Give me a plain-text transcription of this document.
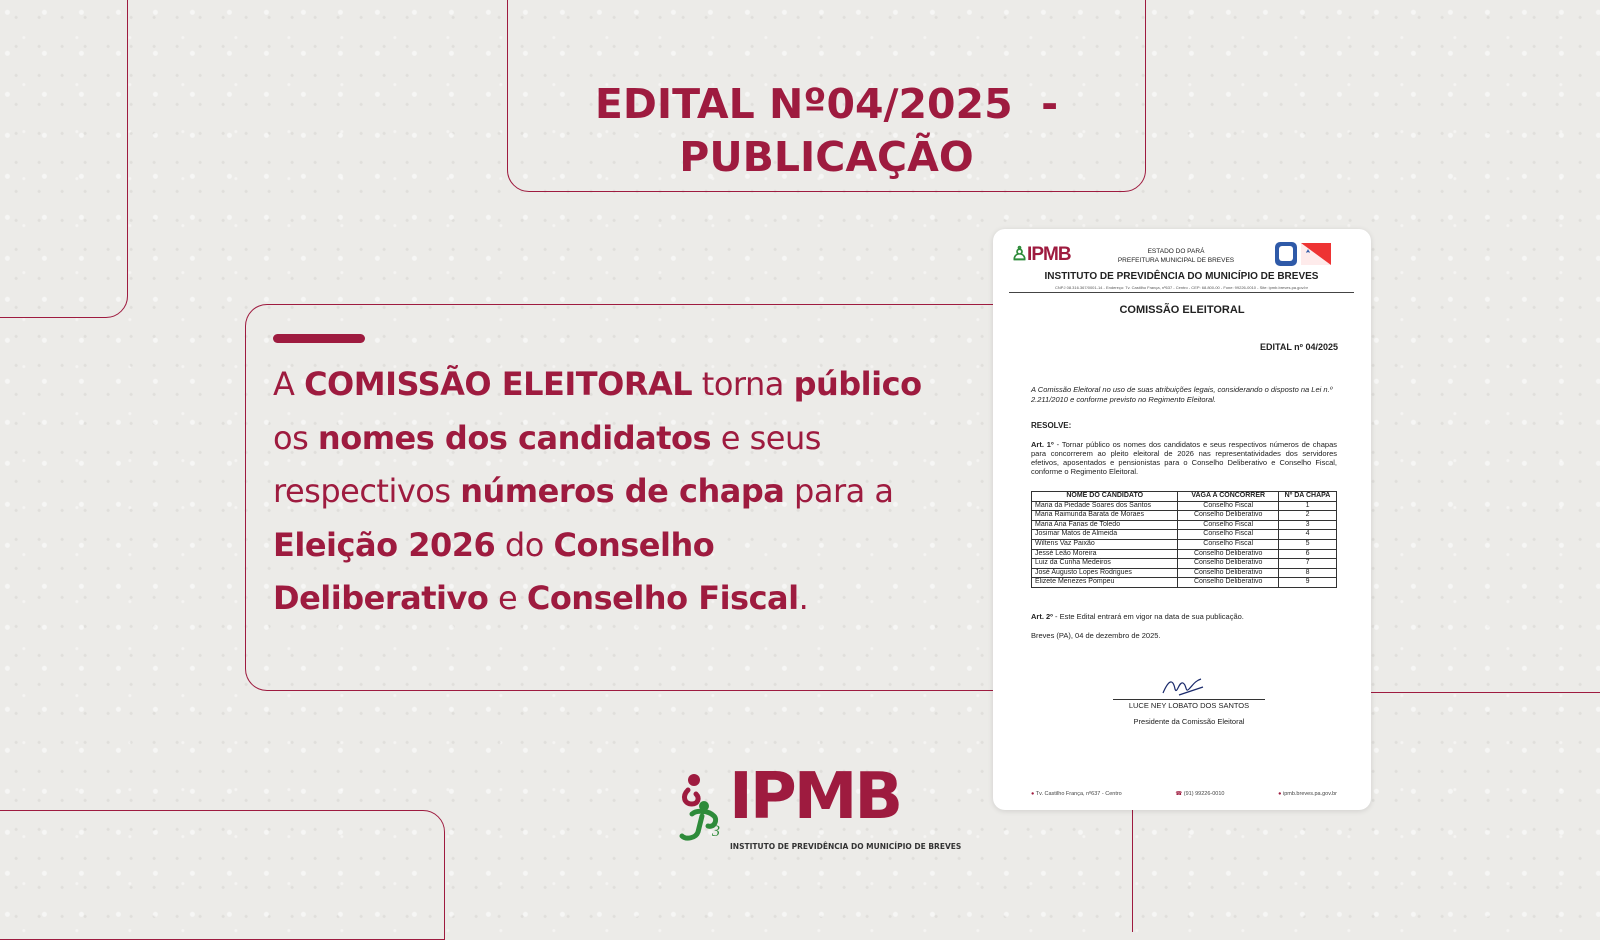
EDITAL Nº04/2025  -
PUBLICAÇÃO
A COMISSÃO ELEITORAL torna público os nomes dos candidatos e seus respectivos números de chapa para a Eleição 2026 do Conselho Deliberativo e Conselho Fiscal.
♙IPMB	ESTADO DO PARÁ
PREFEITURA MUNICIPAL DE BREVES
INSTITUTO DE PREVIDÊNCIA DO MUNICÍPIO DE BREVES
CNPJ 08.316.367/0001-14 - Endereço: Tv. Castilho França, nº637 - Centro - CEP: 68.800-00 - Fone: 99226-0010 - Site: ipmb.breves.pa.gov.br
COMISSÃO ELEITORAL
EDITAL nº 04/2025
A Comissão Eleitoral no uso de suas atribuições legais, considerando o disposto na Lei n.º 2.211/2010 e conforme previsto no Regimento Eleitoral.
RESOLVE:
Art. 1º - Tornar público os nomes dos candidatos e seus respectivos números de chapas para concorrerem ao pleito eleitoral de 2026 nas representatividades dos servidores efetivos, aposentados e pensionistas para o Conselho Deliberativo e Conselho Fiscal, conforme o Regimento Eleitoral.
NOME DO CANDIDATO	VAGA A CONCORRER	Nº DA CHAPA
Maria da Piedade Soares dos Santos	Conselho Fiscal	1
Maria Raimunda Barata de Moraes	Conselho Deliberativo	2
Maria Ana Farias de Toledo	Conselho Fiscal	3
Josimar Matos de Almeida	Conselho Fiscal	4
Wiltens Vaz Paixão	Conselho Fiscal	5
Jessé Leão Moreira	Conselho Deliberativo	6
Luiz da Cunha Medeiros	Conselho Deliberativo	7
José Augusto Lopes Rodrigues	Conselho Deliberativo	8
Elizete Menezes Pompeu	Conselho Deliberativo	9
Art. 2º - Este Edital entrará em vigor na data de sua publicação.
Breves (PA), 04 de dezembro de 2025.
LUCE NEY LOBATO DOS SANTOS
Presidente da Comissão Eleitoral
● Tv. Castilho França, nº637 - Centro	☎ (91) 99226-0010	● ipmb.breves.pa.gov.br
3 IPMB
INSTITUTO DE PREVIDÊNCIA DO MUNICÍPIO DE BREVES
